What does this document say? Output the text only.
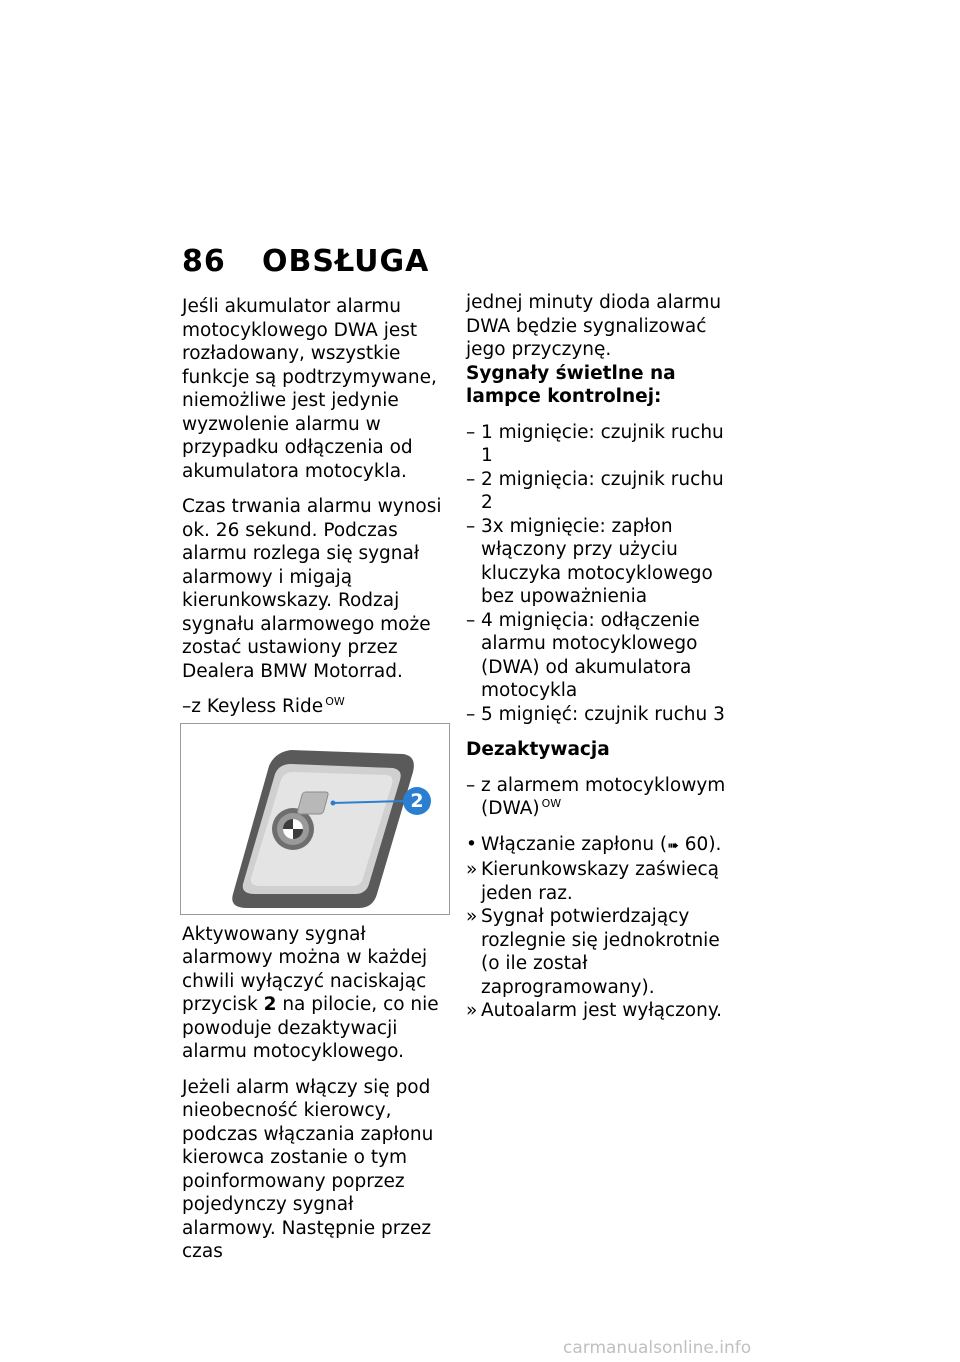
86 OBSŁUGA

Jeśli akumulator alarmu motocyklowego DWA jest rozładowany, wszystkie funkcje są podtrzymywane, niemożliwe jest jedynie wyzwolenie alarmu w przypadku odłączenia od akumulatora motocykla.

Czas trwania alarmu wynosi ok. 26 sekund. Podczas alarmu rozlega się sygnał alarmowy i migają kierunkowskazy. Rodzaj sygnału alarmowego może zostać ustawiony przez Dealera BMW Motorrad.

–z Keyless Ride $^{OW}$

2

Aktywowany sygnał alarmowy można w każdej chwili wyłączyć naciskając przycisk 2 na pilocie, co nie powoduje dezaktywacji alarmu motocyklowego.

Jeżeli alarm włączy się pod nieobecność kierowcy, podczas włączania zapłonu kierowca zostanie o tym poinformowany poprzez pojedynczy sygnał alarmowy. Następnie przez czas

jednej minuty dioda alarmu DWA będzie sygnalizować jego przyczynę.

Sygnały świetlne na lampce kontrolnej:

– 1 mignięcie: czujnik ruchu 1
– 2 mignięcia: czujnik ruchu 2
– 3x mignięcie: zapłon włączony przy użyciu kluczyka motocyklowego bez upoważnienia
– 4 mignięcia: odłączenie alarmu motocyklowego (DWA) od akumulatora motocykla
– 5 mignięć: czujnik ruchu 3

Dezaktywacja

– z alarmem motocyklowym (DWA) $^{OW}$
• Włączanie zapłonu (➠ 60).
» Kierunkowskazy zaświecą jeden raz.
» Sygnał potwierdzający rozlegnie się jednokrotnie (o ile został zaprogramowany).
» Autoalarm jest wyłączony.
carmanualsonline.info
